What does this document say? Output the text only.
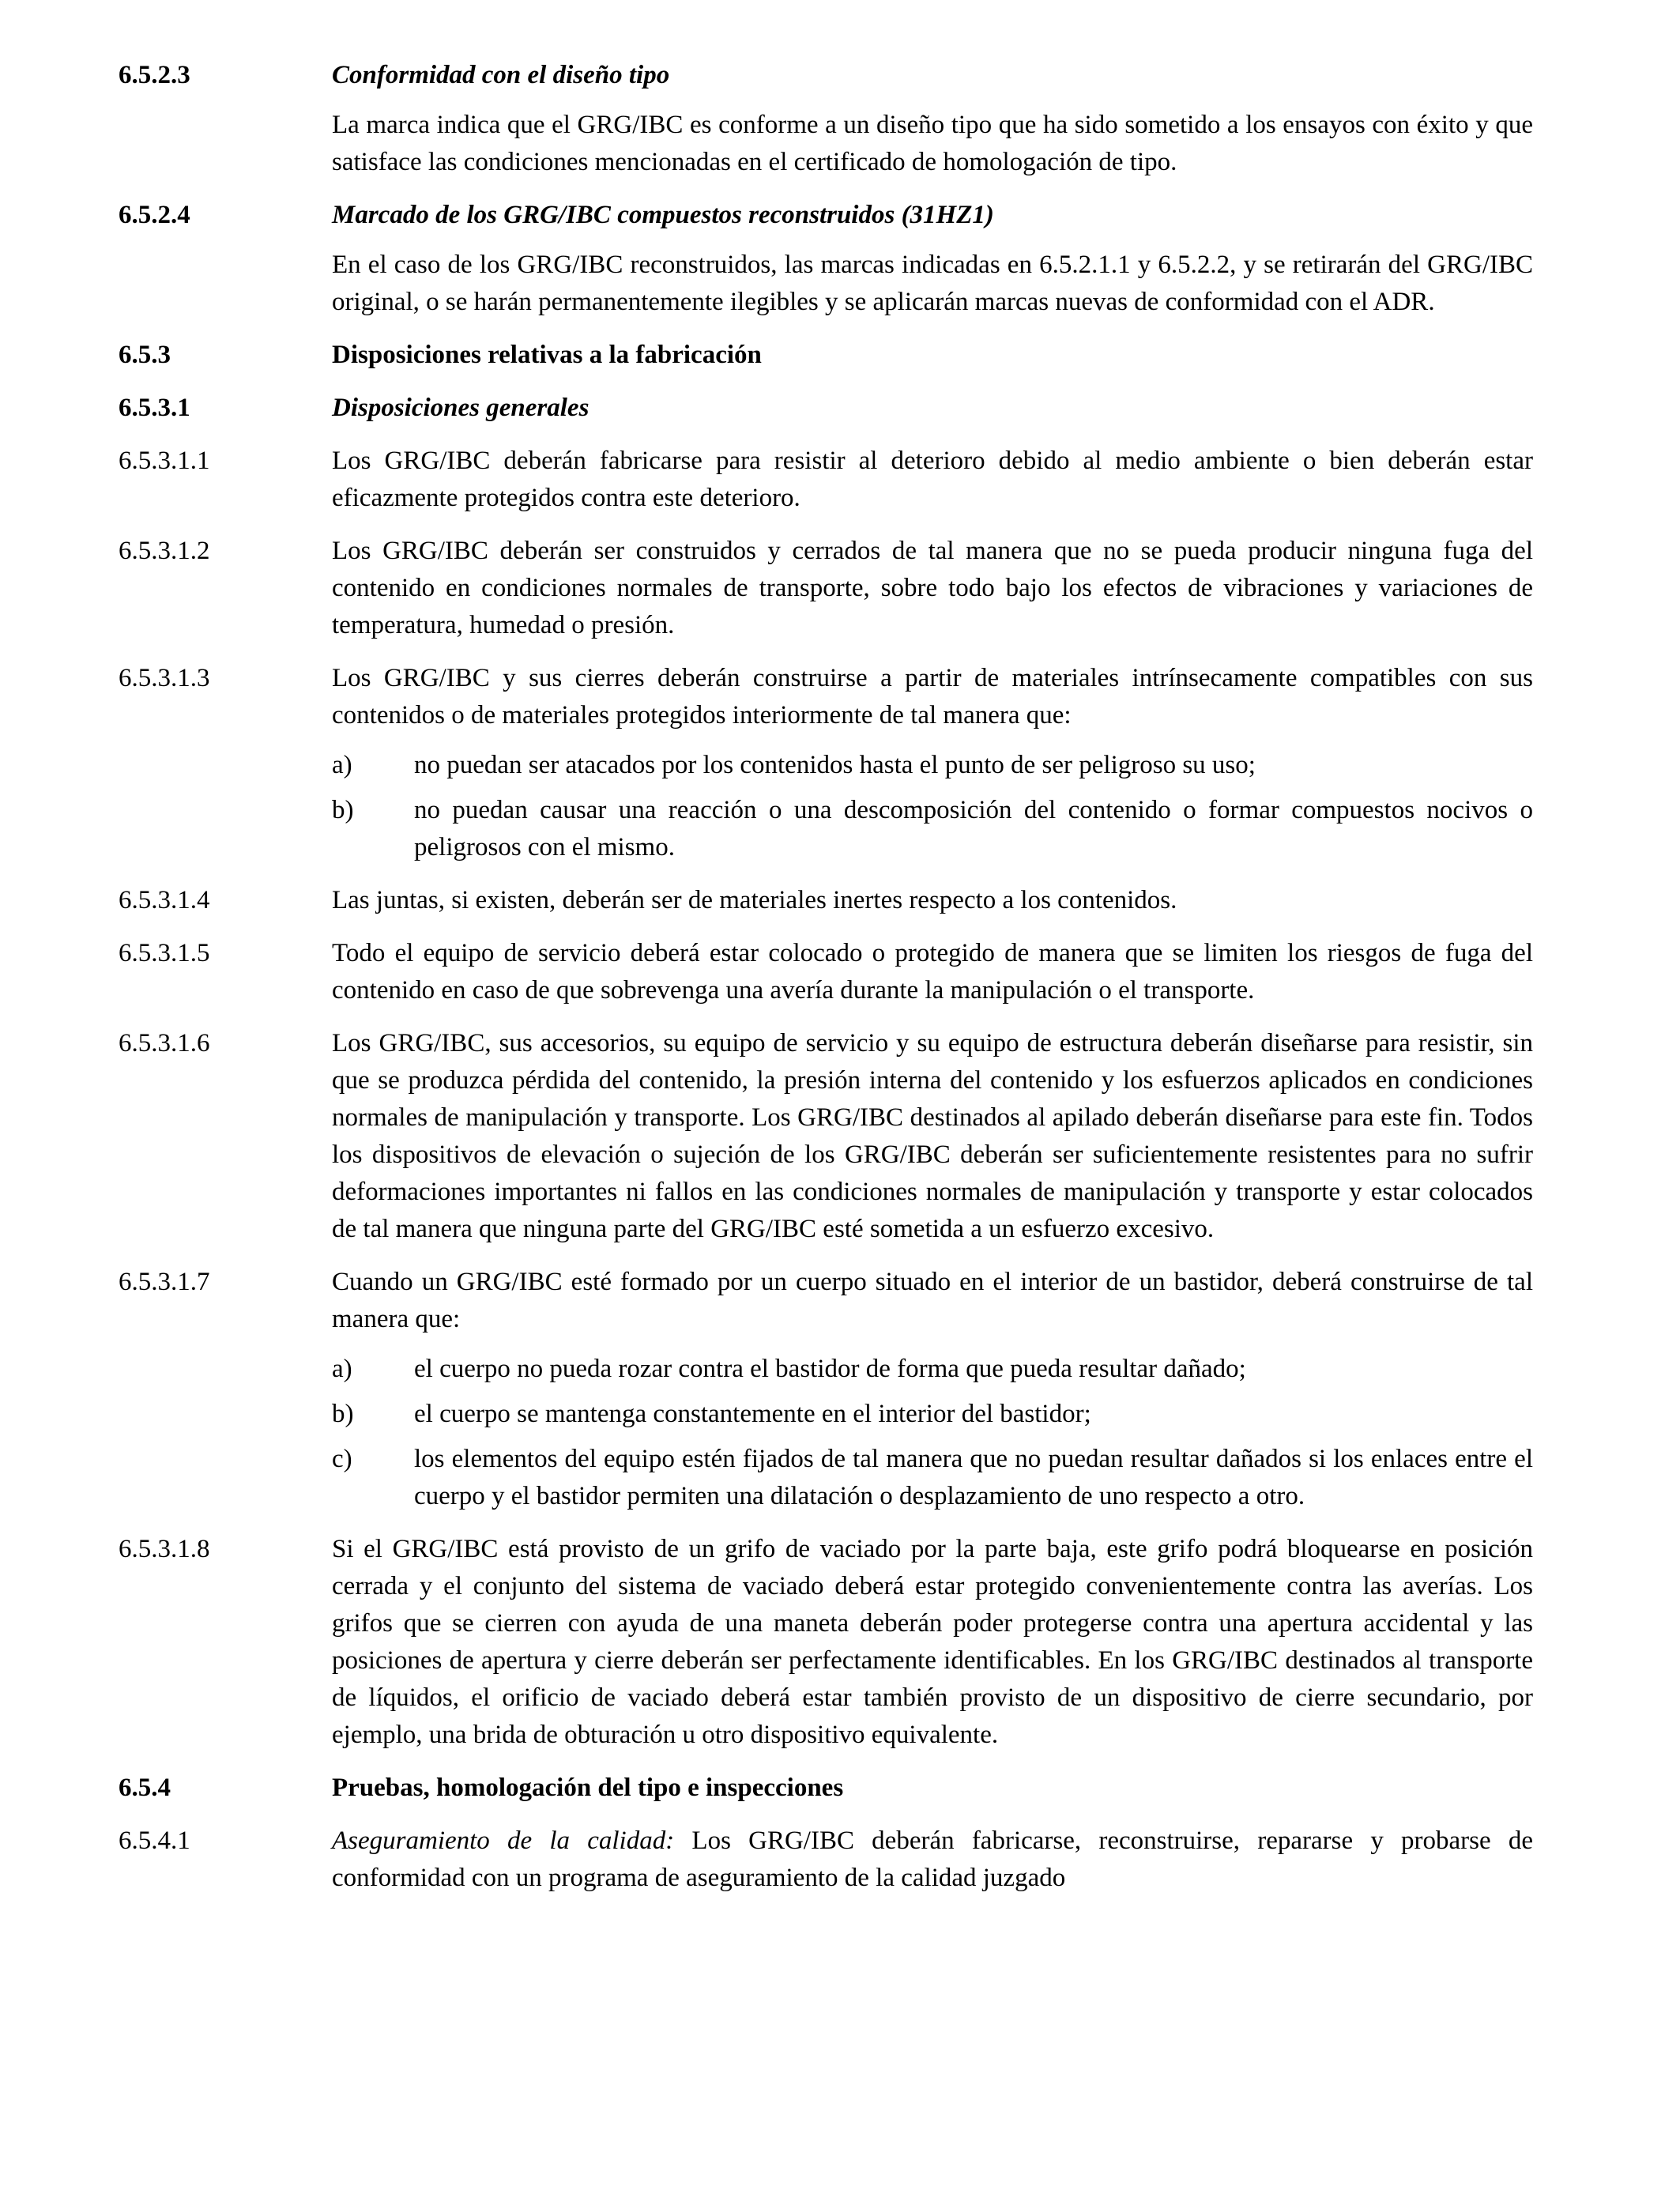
6.5.2.3	Conformidad con el diseño tipo
La marca indica que el GRG/IBC es conforme a un diseño tipo que ha sido sometido a los ensayos con éxito y que satisface las condiciones mencionadas en el certificado de homologación de tipo.
6.5.2.4	Marcado de los GRG/IBC compuestos reconstruidos (31HZ1)
En el caso de los GRG/IBC reconstruidos, las marcas indicadas en 6.5.2.1.1 y 6.5.2.2, y se retirarán del GRG/IBC original, o se harán permanentemente ilegibles y se aplicarán marcas nuevas de conformidad con el ADR.
6.5.3	Disposiciones relativas a la fabricación
6.5.3.1	Disposiciones generales
6.5.3.1.1	Los GRG/IBC deberán fabricarse para resistir al deterioro debido al medio ambiente o bien deberán estar eficazmente protegidos contra este deterioro.
6.5.3.1.2	Los GRG/IBC deberán ser construidos y cerrados de tal manera que no se pueda producir ninguna fuga del contenido en condiciones normales de transporte, sobre todo bajo los efectos de vibraciones y variaciones de temperatura, humedad o presión.
6.5.3.1.3	Los GRG/IBC y sus cierres deberán construirse a partir de materiales intrínsecamente compatibles con sus contenidos o de materiales protegidos interiormente de tal manera que:
a)	no puedan ser atacados por los contenidos hasta el punto de ser peligroso su uso;
b)	no puedan causar una reacción o una descomposición del contenido o formar compuestos nocivos o peligrosos con el mismo.
6.5.3.1.4	Las juntas, si existen, deberán ser de materiales inertes respecto a los contenidos.
6.5.3.1.5	Todo el equipo de servicio deberá estar colocado o protegido de manera que se limiten los riesgos de fuga del contenido en caso de que sobrevenga una avería durante la manipulación o el transporte.
6.5.3.1.6	Los GRG/IBC, sus accesorios, su equipo de servicio y su equipo de estructura deberán diseñarse para resistir, sin que se produzca pérdida del contenido, la presión interna del contenido y los esfuerzos aplicados en condiciones normales de manipulación y transporte. Los GRG/IBC destinados al apilado deberán diseñarse para este fin. Todos los dispositivos de elevación o sujeción de los GRG/IBC deberán ser suficientemente resistentes para no sufrir deformaciones importantes ni fallos en las condiciones normales de manipulación y transporte y estar colocados de tal manera que ninguna parte del GRG/IBC esté sometida a un esfuerzo excesivo.
6.5.3.1.7	Cuando un GRG/IBC esté formado por un cuerpo situado en el interior de un bastidor, deberá construirse de tal manera que:
a)	el cuerpo no pueda rozar contra el bastidor de forma que pueda resultar dañado;
b)	el cuerpo se mantenga constantemente en el interior del bastidor;
c)	los elementos del equipo estén fijados de tal manera que no puedan resultar dañados si los enlaces entre el cuerpo y el bastidor permiten una dilatación o desplazamiento de uno respecto a otro.
6.5.3.1.8	Si el GRG/IBC está provisto de un grifo de vaciado por la parte baja, este grifo podrá bloquearse en posición cerrada y el conjunto del sistema de vaciado deberá estar protegido convenientemente contra las averías. Los grifos que se cierren con ayuda de una maneta deberán poder protegerse contra una apertura accidental y las posiciones de apertura y cierre deberán ser perfectamente identificables. En los GRG/IBC destinados al transporte de líquidos, el orificio de vaciado deberá estar también provisto de un dispositivo de cierre secundario, por ejemplo, una brida de obturación u otro dispositivo equivalente.
6.5.4	Pruebas, homologación del tipo e inspecciones
6.5.4.1	Aseguramiento de la calidad: Los GRG/IBC deberán fabricarse, reconstruirse, repararse y probarse de conformidad con un programa de aseguramiento de la calidad juzgado
